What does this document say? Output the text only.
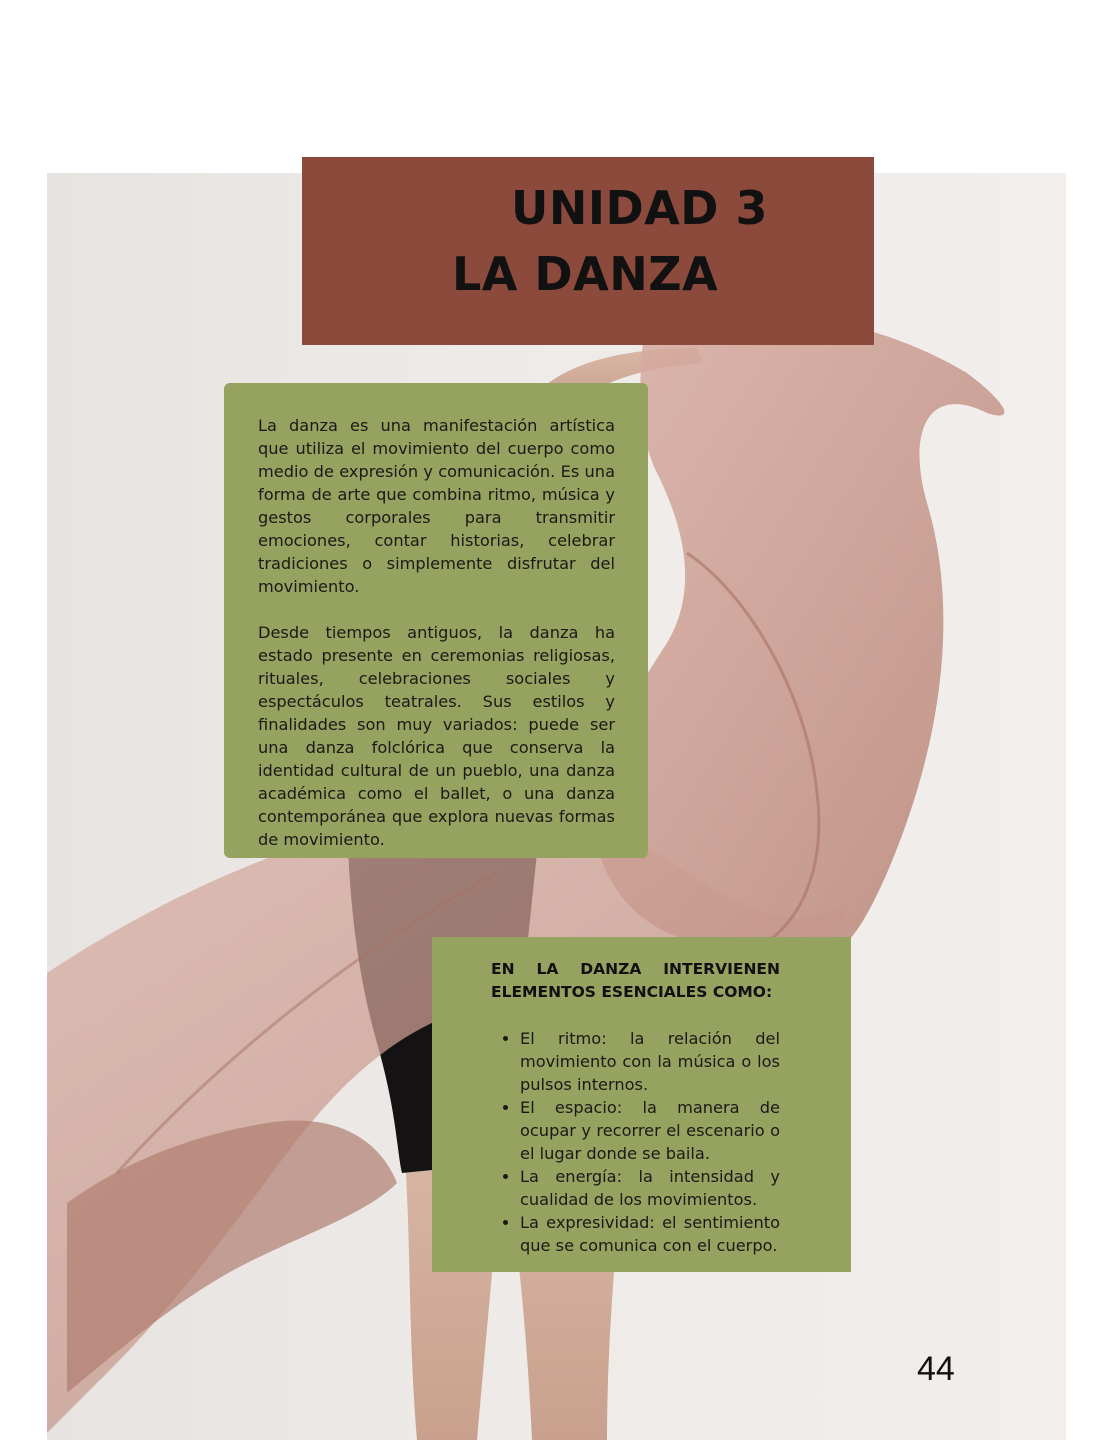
UNIDAD 3
LA DANZA

La danza es una manifestación artística que utiliza el movimiento del cuerpo como medio de expresión y comunicación. Es una forma de arte que combina ritmo, música y gestos corporales para transmitir emociones, contar historias, celebrar tradiciones o simplemente disfrutar del movimiento.

Desde tiempos antiguos, la danza ha estado presente en ceremonias religiosas, rituales, celebraciones sociales y espectáculos teatrales. Sus estilos y finalidades son muy variados: puede ser una danza folclórica que conserva la identidad cultural de un pueblo, una danza académica como el ballet, o una danza contemporánea que explora nuevas formas de movimiento.

EN LA DANZA INTERVIENEN ELEMENTOS ESENCIALES COMO:

• El ritmo: la relación del movimiento con la música o los pulsos internos.
• El espacio: la manera de ocupar y recorrer el escenario o el lugar donde se baila.
• La energía: la intensidad y cualidad de los movimientos.
• La expresividad: el sentimiento que se comunica con el cuerpo.
44
